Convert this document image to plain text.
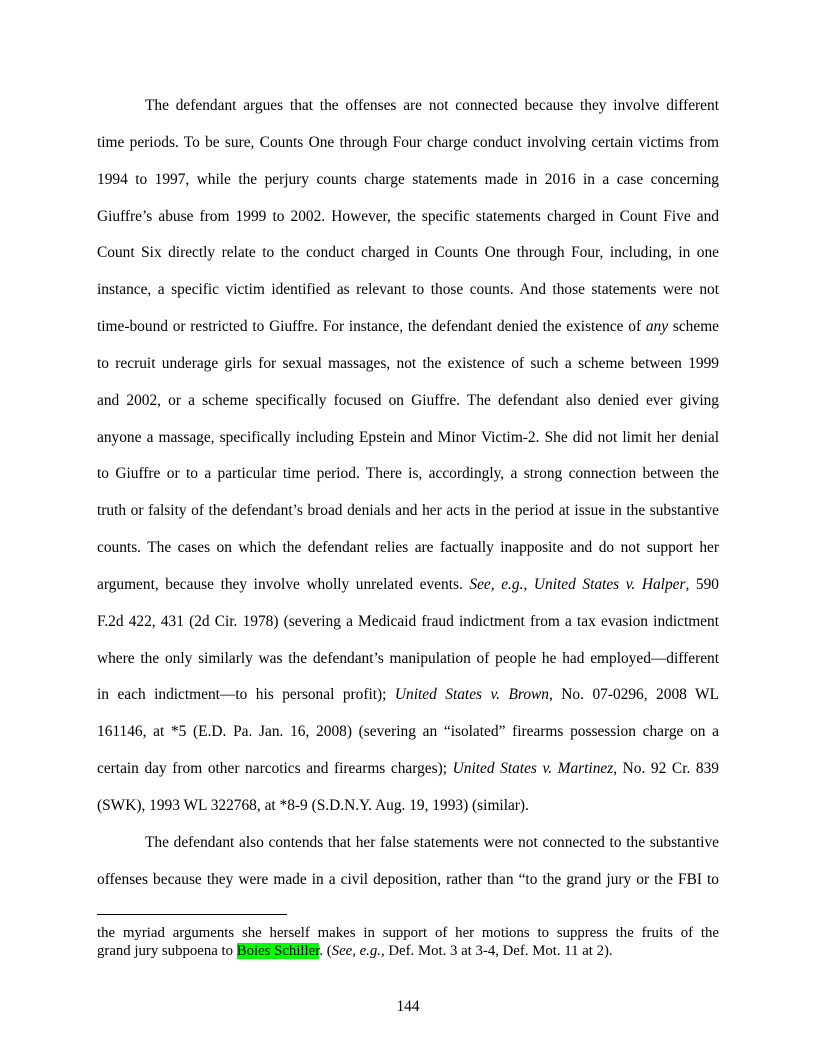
The defendant argues that the offenses are not connected because they involve different
time periods. To be sure, Counts One through Four charge conduct involving certain victims from
1994 to 1997, while the perjury counts charge statements made in 2016 in a case concerning
Giuffre’s abuse from 1999 to 2002. However, the specific statements charged in Count Five and
Count Six directly relate to the conduct charged in Counts One through Four, including, in one
instance, a specific victim identified as relevant to those counts. And those statements were not
time-bound or restricted to Giuffre. For instance, the defendant denied the existence of any scheme
to recruit underage girls for sexual massages, not the existence of such a scheme between 1999
and 2002, or a scheme specifically focused on Giuffre. The defendant also denied ever giving
anyone a massage, specifically including Epstein and Minor Victim-2. She did not limit her denial
to Giuffre or to a particular time period. There is, accordingly, a strong connection between the
truth or falsity of the defendant’s broad denials and her acts in the period at issue in the substantive
counts. The cases on which the defendant relies are factually inapposite and do not support her
argument, because they involve wholly unrelated events. See, e.g., United States v. Halper, 590
F.2d 422, 431 (2d Cir. 1978) (severing a Medicaid fraud indictment from a tax evasion indictment
where the only similarly was the defendant’s manipulation of people he had employed—different
in each indictment—to his personal profit); United States v. Brown, No. 07-0296, 2008 WL
161146, at *5 (E.D. Pa. Jan. 16, 2008) (severing an “isolated” firearms possession charge on a
certain day from other narcotics and firearms charges); United States v. Martinez, No. 92 Cr. 839
(SWK), 1993 WL 322768, at *8-9 (S.D.N.Y. Aug. 19, 1993) (similar).
The defendant also contends that her false statements were not connected to the substantive
offenses because they were made in a civil deposition, rather than “to the grand jury or the FBI to
the myriad arguments she herself makes in support of her motions to suppress the fruits of the
grand jury subpoena to Boies Schiller. (See, e.g., Def. Mot. 3 at 3-4, Def. Mot. 11 at 2).
144
